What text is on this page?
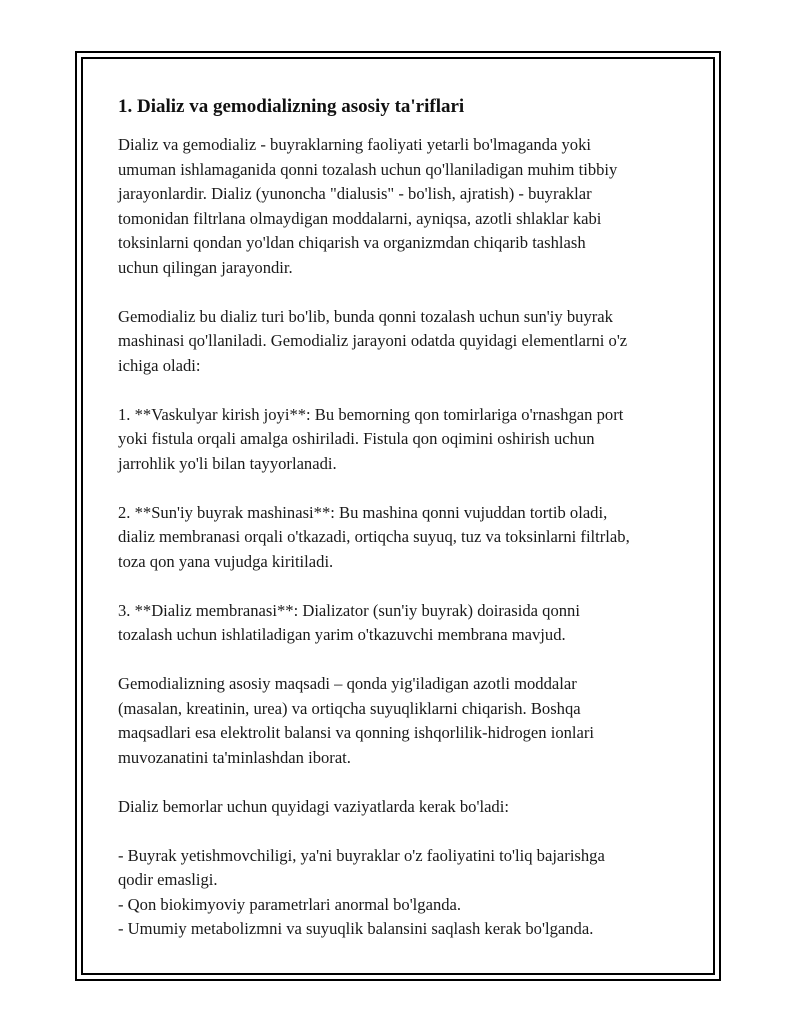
1. Dializ va gemodializning asosiy ta'riflari

Dializ va gemodializ - buyraklarning faoliyati yetarli bo'lmaganda yoki
umuman ishlamaganida qonni tozalash uchun qo'llaniladigan muhim tibbiy
jarayonlardir. Dializ (yunoncha "dialusis" - bo'lish, ajratish) - buyraklar
tomonidan filtrlana olmaydigan moddalarni, ayniqsa, azotli shlaklar kabi
toksinlarni qondan yo'ldan chiqarish va organizmdan chiqarib tashlash
uchun qilingan jarayondir.

Gemodializ bu dializ turi bo'lib, bunda qonni tozalash uchun sun'iy buyrak
mashinasi qo'llaniladi. Gemodializ jarayoni odatda quyidagi elementlarni o'z
ichiga oladi:

1. **Vaskulyar kirish joyi**: Bu bemorning qon tomirlariga o'rnashgan port
yoki fistula orqali amalga oshiriladi. Fistula qon oqimini oshirish uchun
jarrohlik yo'li bilan tayyorlanadi.

2. **Sun'iy buyrak mashinasi**: Bu mashina qonni vujuddan tortib oladi,
dializ membranasi orqali o'tkazadi, ortiqcha suyuq, tuz va toksinlarni filtrlab,
toza qon yana vujudga kiritiladi.

3. **Dializ membranasi**: Dializator (sun'iy buyrak) doirasida qonni
tozalash uchun ishlatiladigan yarim o'tkazuvchi membrana mavjud.

Gemodializning asosiy maqsadi – qonda yig'iladigan azotli moddalar
(masalan, kreatinin, urea) va ortiqcha suyuqliklarni chiqarish. Boshqa
maqsadlari esa elektrolit balansi va qonning ishqorlilik-hidrogen ionlari
muvozanatini ta'minlashdan iborat.

Dializ bemorlar uchun quyidagi vaziyatlarda kerak bo'ladi:

- Buyrak yetishmovchiligi, ya'ni buyraklar o'z faoliyatini to'liq bajarishga
qodir emasligi.
- Qon biokimyoviy parametrlari anormal bo'lganda.
- Umumiy metabolizmni va suyuqlik balansini saqlash kerak bo'lganda.
